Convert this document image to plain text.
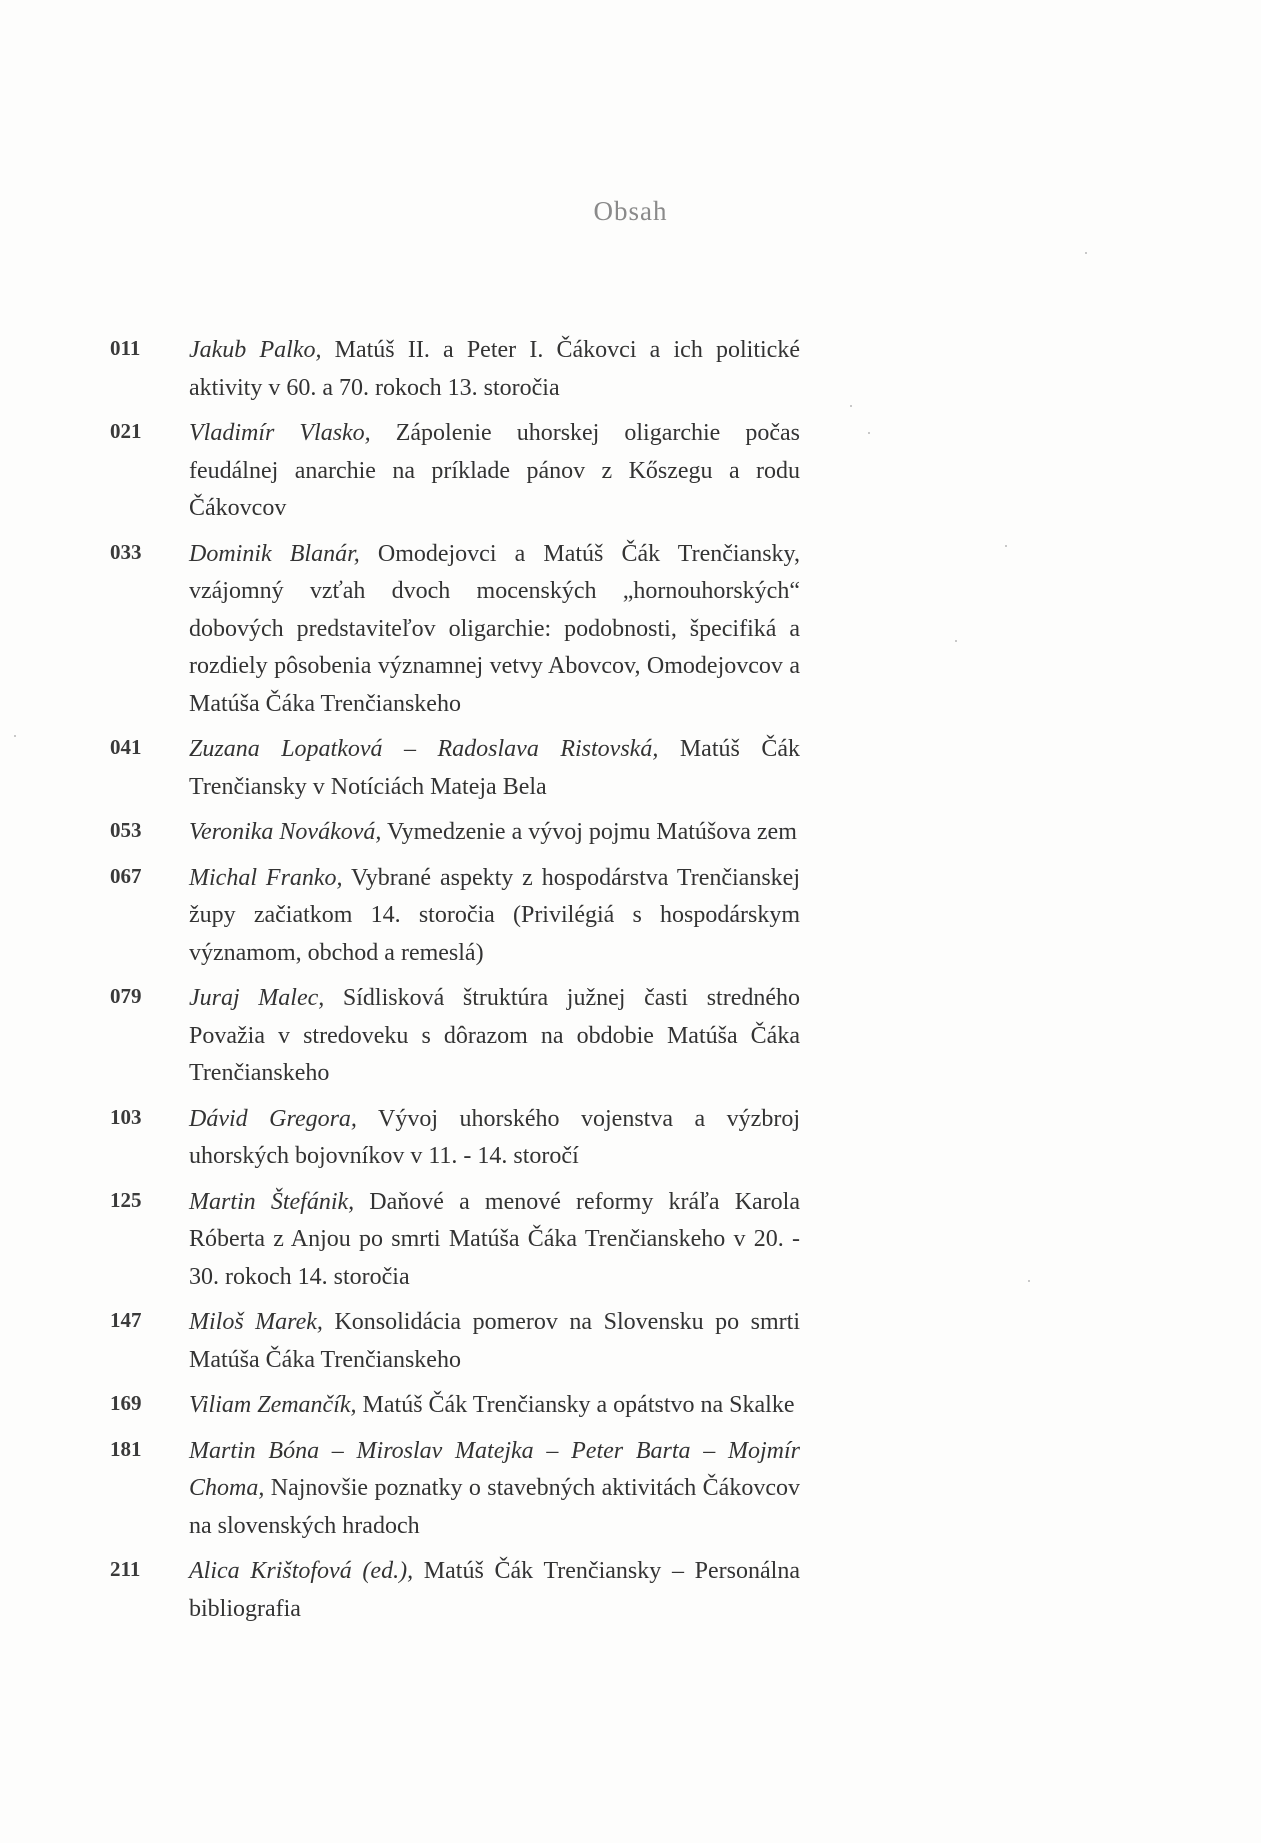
Obsah
011	Jakub Palko, Matúš II. a Peter I. Čákovci a ich politické aktivity v 60. a 70. rokoch 13. storočia
021	Vladimír Vlasko, Zápolenie uhorskej oligarchie počas feudálnej anarchie na príklade pánov z Kőszegu a rodu Čákovcov
033	Dominik Blanár, Omodejovci a Matúš Čák Trenčiansky, vzájomný vzťah dvoch mocenských „hornouhorských“ dobových predstaviteľov oligarchie: podobnosti, špecifiká a rozdiely pôsobenia významnej vetvy Abovcov, Omodejovcov a Matúša Čáka Trenčianskeho
041	Zuzana Lopatková – Radoslava Ristovská, Matúš Čák Trenčiansky v Notíciách Mateja Bela
053	Veronika Nováková, Vymedzenie a vývoj pojmu Matúšova zem
067	Michal Franko, Vybrané aspekty z hospodárstva Trenčianskej župy začiatkom 14. storočia (Privilégiá s hospodárskym významom, obchod a remeslá)
079	Juraj Malec, Sídlisková štruktúra južnej časti stredného Považia v stredoveku s dôrazom na obdobie Matúša Čáka Trenčianskeho
103	Dávid Gregora, Vývoj uhorského vojenstva a výzbroj uhorských bojovníkov v 11. - 14. storočí
125	Martin Štefánik, Daňové a menové reformy kráľa Karola Róberta z Anjou po smrti Matúša Čáka Trenčianskeho v 20. - 30. rokoch 14. storočia
147	Miloš Marek, Konsolidácia pomerov na Slovensku po smrti Matúša Čáka Trenčianskeho
169	Viliam Zemančík, Matúš Čák Trenčiansky a opátstvo na Skalke
181	Martin Bóna – Miroslav Matejka – Peter Barta – Mojmír Choma, Najnovšie poznatky o stavebných aktivitách Čákovcov na slovenských hradoch
211	Alica Krištofová (ed.), Matúš Čák Trenčiansky – Personálna bibliografia
